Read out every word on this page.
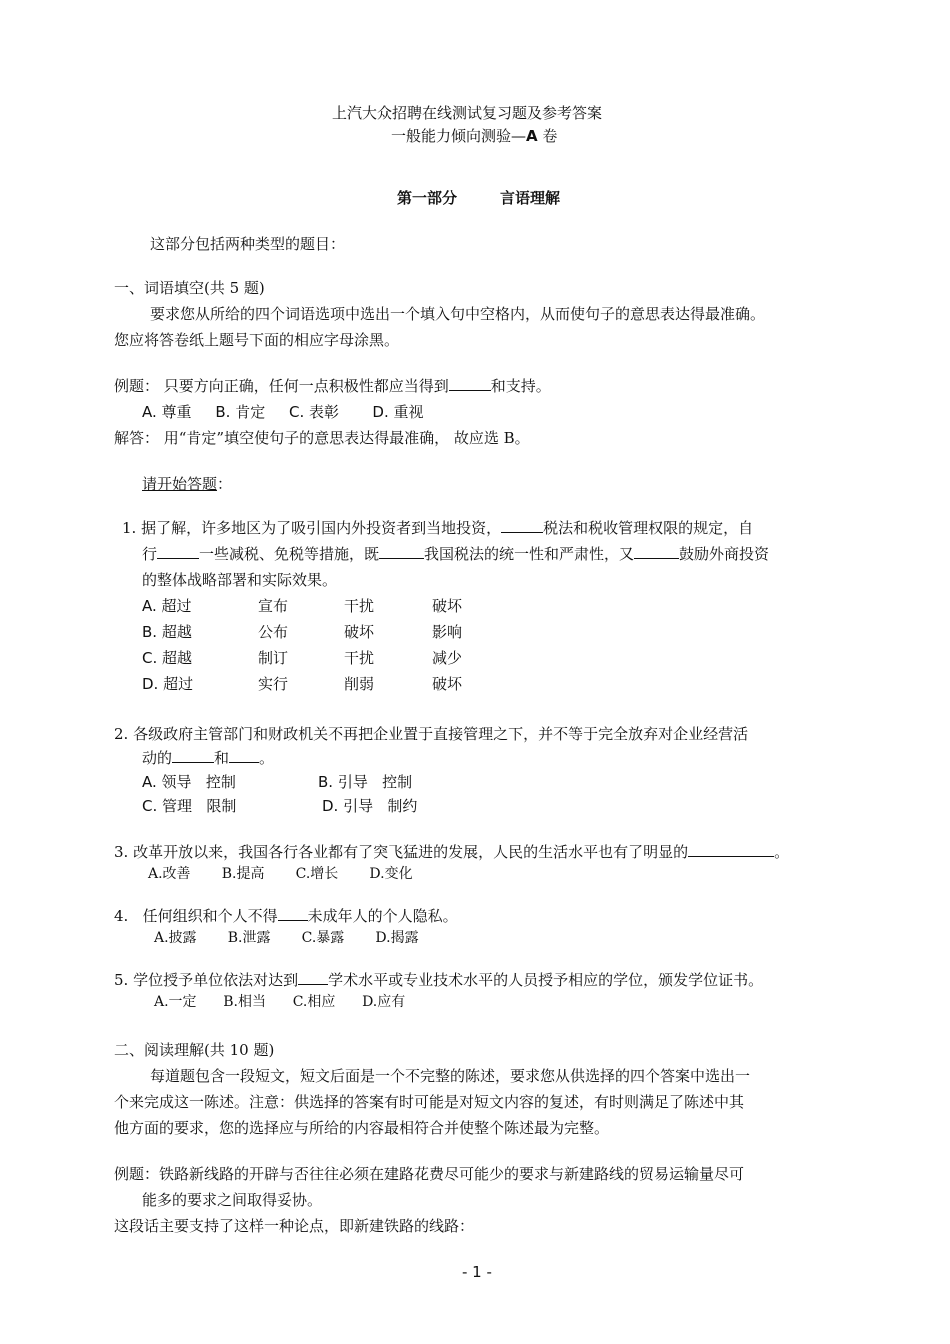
上汽大众招聘在线测试复习题及参考答案
一般能力倾向测验—A 卷
第一部分	言语理解
这部分包括两种类型的题目：
一、词语填空(共 5 题)
要求您从所给的四个词语选项中选出一个填入句中空格内，从而使句子的意思表达得最准确。
您应将答卷纸上题号下面的相应字母涂黑。
例题： 只要方向正确，任何一点积极性都应当得到	和支持。
A. 尊重     B. 肯定     C. 表彰       D. 重视
解答： 用“肯定”填空使句子的意思表达得最准确， 故应选 B。
请开始答题：
1. 据了解，许多地区为了吸引国内外投资者到当地投资，	税法和税收管理权限的规定，自
行	一些减税、免税等措施，既	我国税法的统一性和严肃性，又	鼓励外商投资
的整体战略部署和实际效果。
A. 超过	宣布	干扰	破坏
B. 超越	公布	破坏	影响
C. 超越	制订	干扰	减少
D. 超过	实行	削弱	破坏
2. 各级政府主管部门和财政机关不再把企业置于直接管理之下，并不等于完全放弃对企业经营活
动的	和 。
A. 领导   控制	B. 引导   控制
C. 管理   限制	D. 引导   制约
3. 改革开放以来，我国各行各业都有了突飞猛进的发展，人民的生活水平也有了明显的	。
A.改善       B.提高       C.增长       D.变化
4.   任何组织和个人不得 未成年人的个人隐私。
A.披露       B.泄露       C.暴露       D.揭露
5. 学位授予单位依法对达到 学术水平或专业技术水平的人员授予相应的学位，颁发学位证书。
A.一定      B.相当      C.相应      D.应有
二、阅读理解(共 10 题)
每道题包含一段短文，短文后面是一个不完整的陈述，要求您从供选择的四个答案中选出一
个来完成这一陈述。注意：供选择的答案有时可能是对短文内容的复述，有时则满足了陈述中其
他方面的要求，您的选择应与所给的内容最相符合并使整个陈述最为完整。
例题：铁路新线路的开辟与否往往必须在建路花费尽可能少的要求与新建路线的贸易运输量尽可
能多的要求之间取得妥协。
这段话主要支持了这样一种论点，即新建铁路的线路：
- 1 -
